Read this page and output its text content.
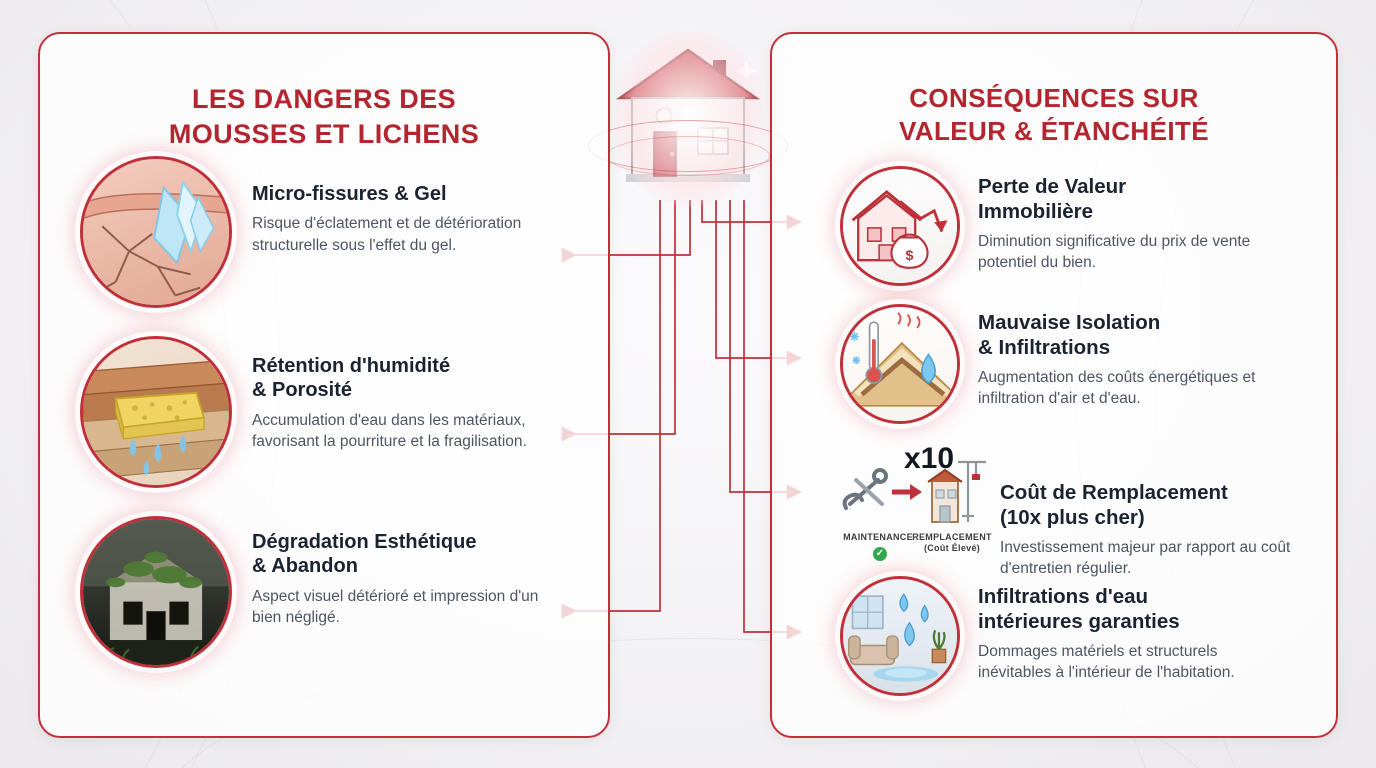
LES DANGERS DES
MOUSSES ET LICHENS
Micro-fissures & Gel
Risque d'éclatement et de détérioration structurelle sous l'effet du gel.
Rétention d'humidité
& Porosité
Accumulation d'eau dans les matériaux, favorisant la pourriture et la fragilisation.
Dégradation Esthétique
& Abandon
Aspect visuel détérioré et impression d'un bien négligé.
CONSÉQUENCES SUR
VALEUR & ÉTANCHÉITÉ
$
Perte de Valeur
Immobilière
Diminution significative du prix de vente potentiel du bien.
Mauvaise Isolation
& Infiltrations
Augmentation des coûts énergétiques et infiltration d'air et d'eau.
x10
MAINTENANCE
✓
REMPLACEMENT
(Coût Élevé)
Coût de Remplacement
(10x plus cher)
Investissement majeur par rapport au coût d'entretien régulier.
Infiltrations d'eau
intérieures garanties
Dommages matériels et structurels inévitables à l'intérieur de l'habitation.
